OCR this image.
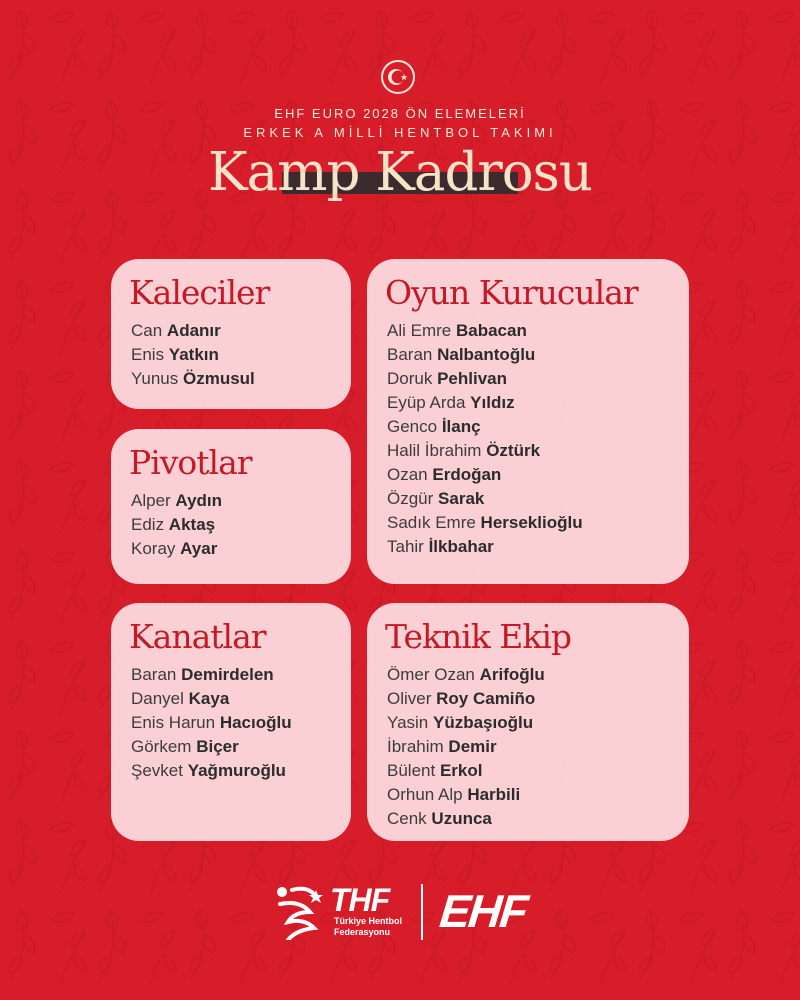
EHF EURO 2028 ÖN ELEMELERİ
ERKEK A MİLLİ HENTBOL TAKIMI
Kamp Kadrosu
Kaleciler
Can Adanır
Enis Yatkın
Yunus Özmusul
Pivotlar
Alper Aydın
Ediz Aktaş
Koray Ayar
Kanatlar
Baran Demirdelen
Danyel Kaya
Enis Harun Hacıoğlu
Görkem Biçer
Şevket Yağmuroğlu
Oyun Kurucular
Ali Emre Babacan
Baran Nalbantoğlu
Doruk Pehlivan
Eyüp Arda Yıldız
Genco İlanç
Halil İbrahim Öztürk
Ozan Erdoğan
Özgür Sarak
Sadık Emre Herseklioğlu
Tahir İlkbahar
Teknik Ekip
Ömer Ozan Arifoğlu
Oliver Roy Camiño
Yasin Yüzbaşıoğlu
İbrahim Demir
Bülent Erkol
Orhun Alp Harbili
Cenk Uzunca
THF
Türkiye Hentbol
Federasyonu EHF
